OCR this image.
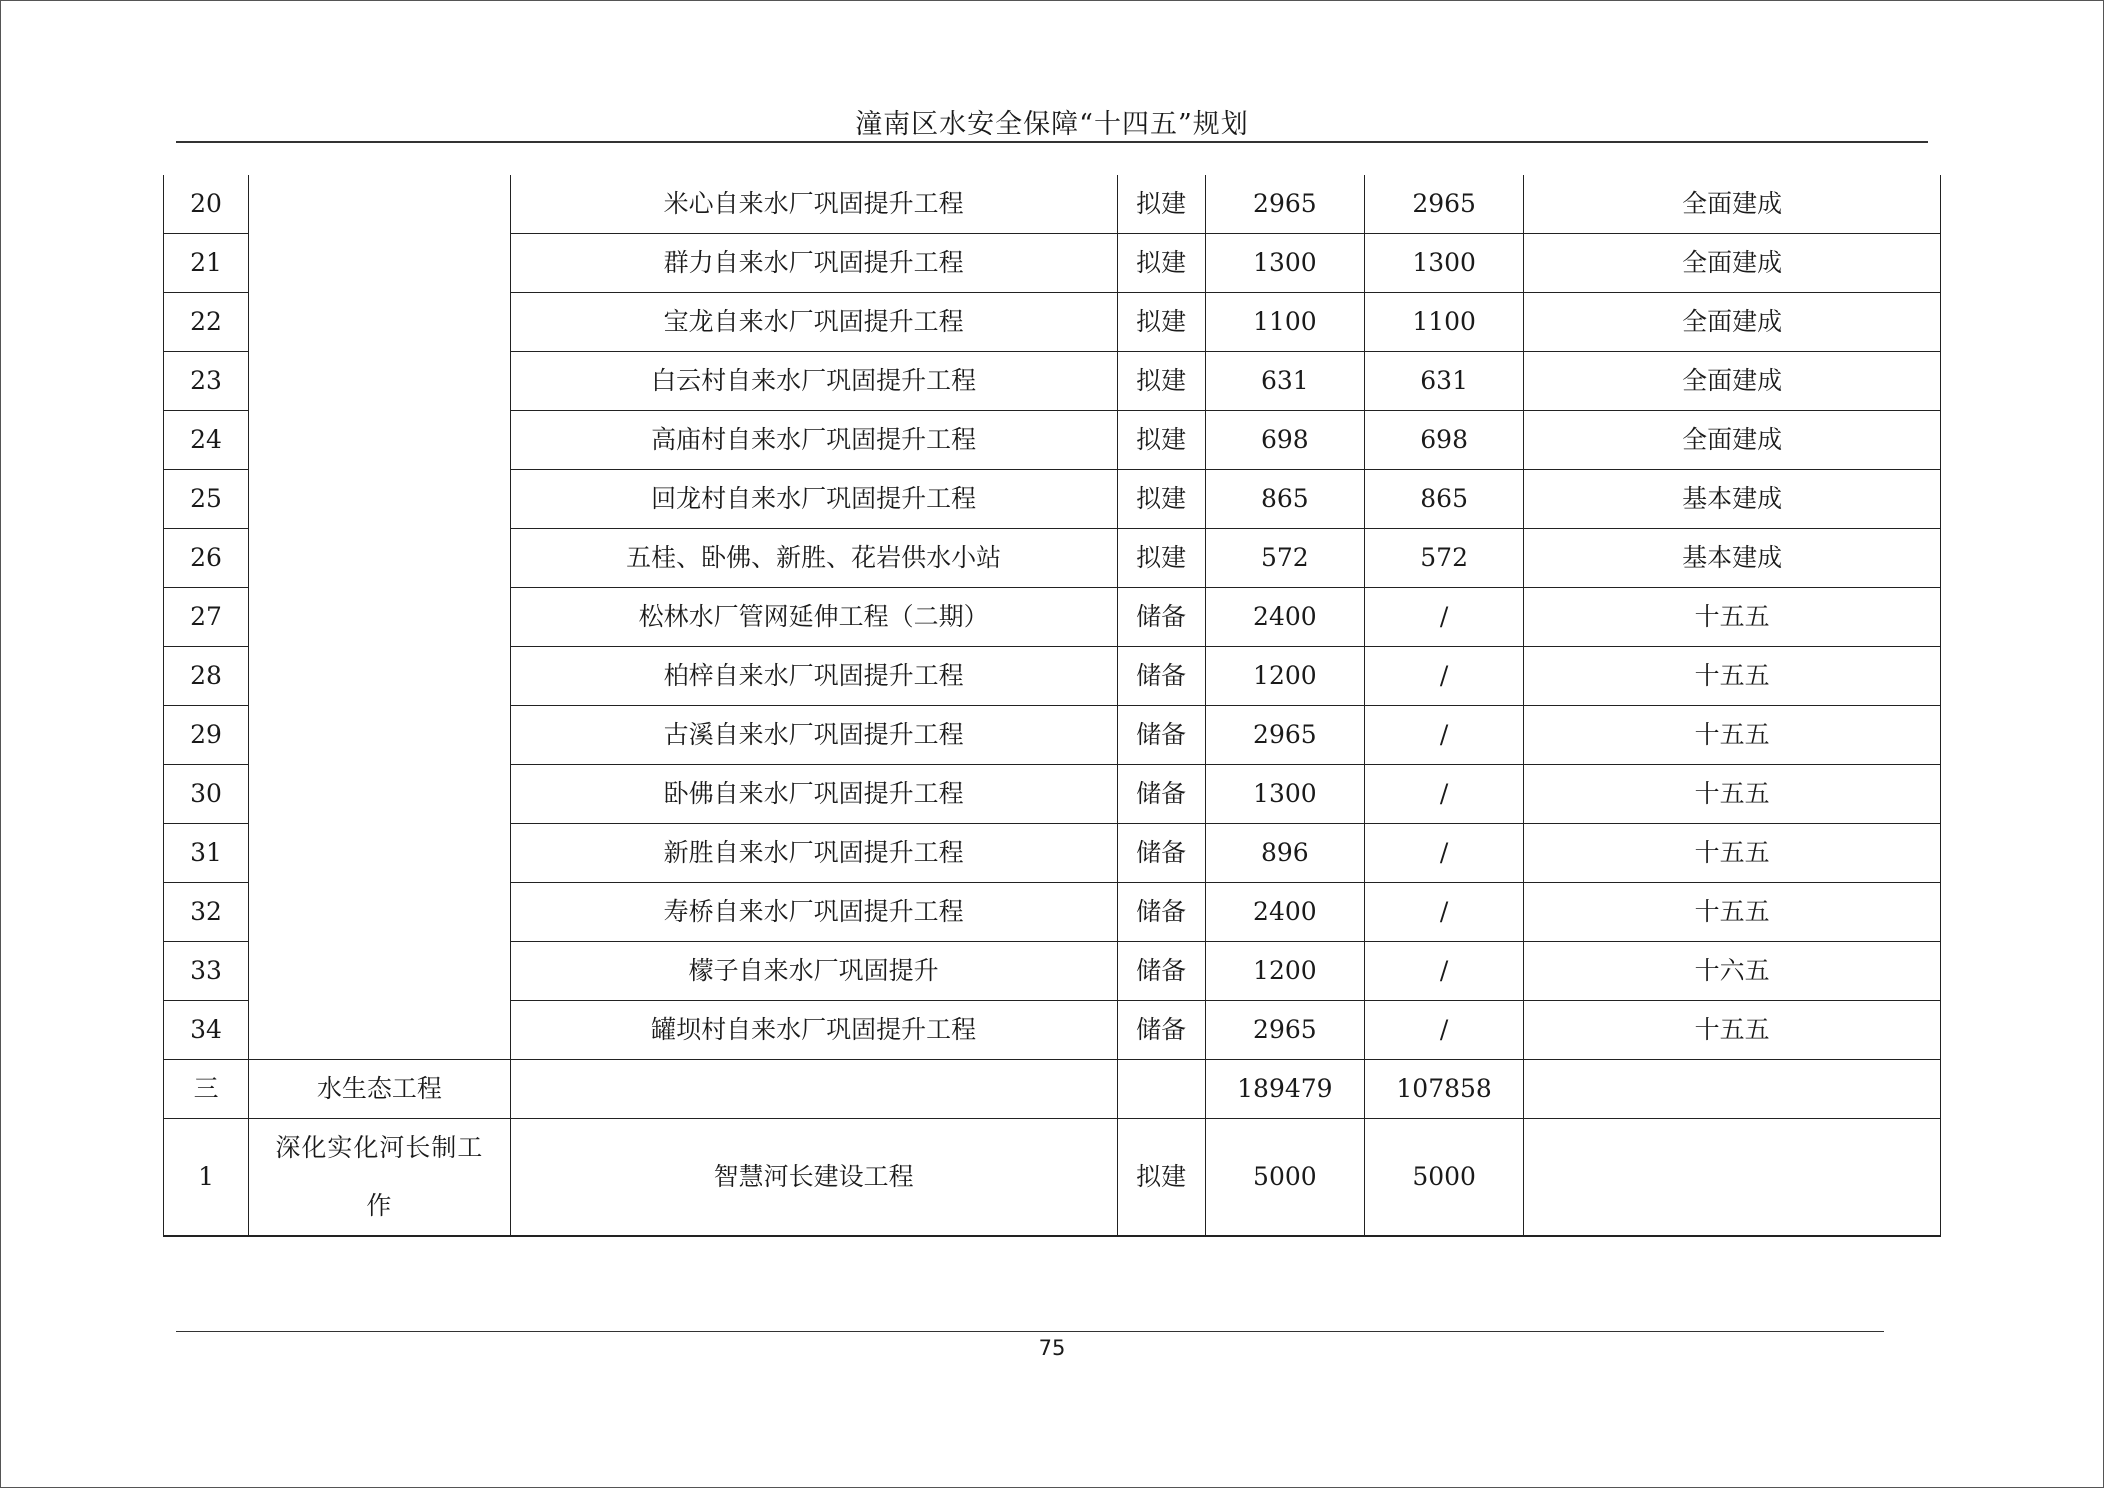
潼南区水安全保障“十四五”规划
20		米心自来水厂巩固提升工程	拟建	2965	2965	全面建成
21		群力自来水厂巩固提升工程	拟建	1300	1300	全面建成
22		宝龙自来水厂巩固提升工程	拟建	1100	1100	全面建成
23		白云村自来水厂巩固提升工程	拟建	631	631	全面建成
24		高庙村自来水厂巩固提升工程	拟建	698	698	全面建成
25		回龙村自来水厂巩固提升工程	拟建	865	865	基本建成
26		五桂、卧佛、新胜、花岩供水小站	拟建	572	572	基本建成
27		松林水厂管网延伸工程（二期）	储备	2400	/	十五五
28		柏梓自来水厂巩固提升工程	储备	1200	/	十五五
29		古溪自来水厂巩固提升工程	储备	2965	/	十五五
30		卧佛自来水厂巩固提升工程	储备	1300	/	十五五
31		新胜自来水厂巩固提升工程	储备	896	/	十五五
32		寿桥自来水厂巩固提升工程	储备	2400	/	十五五
33		檬子自来水厂巩固提升	储备	1200	/	十六五
34		罐坝村自来水厂巩固提升工程	储备	2965	/	十五五
三	水生态工程			189479	107858	
1	深化实化河长制工作	智慧河长建设工程	拟建	5000	5000	
75
